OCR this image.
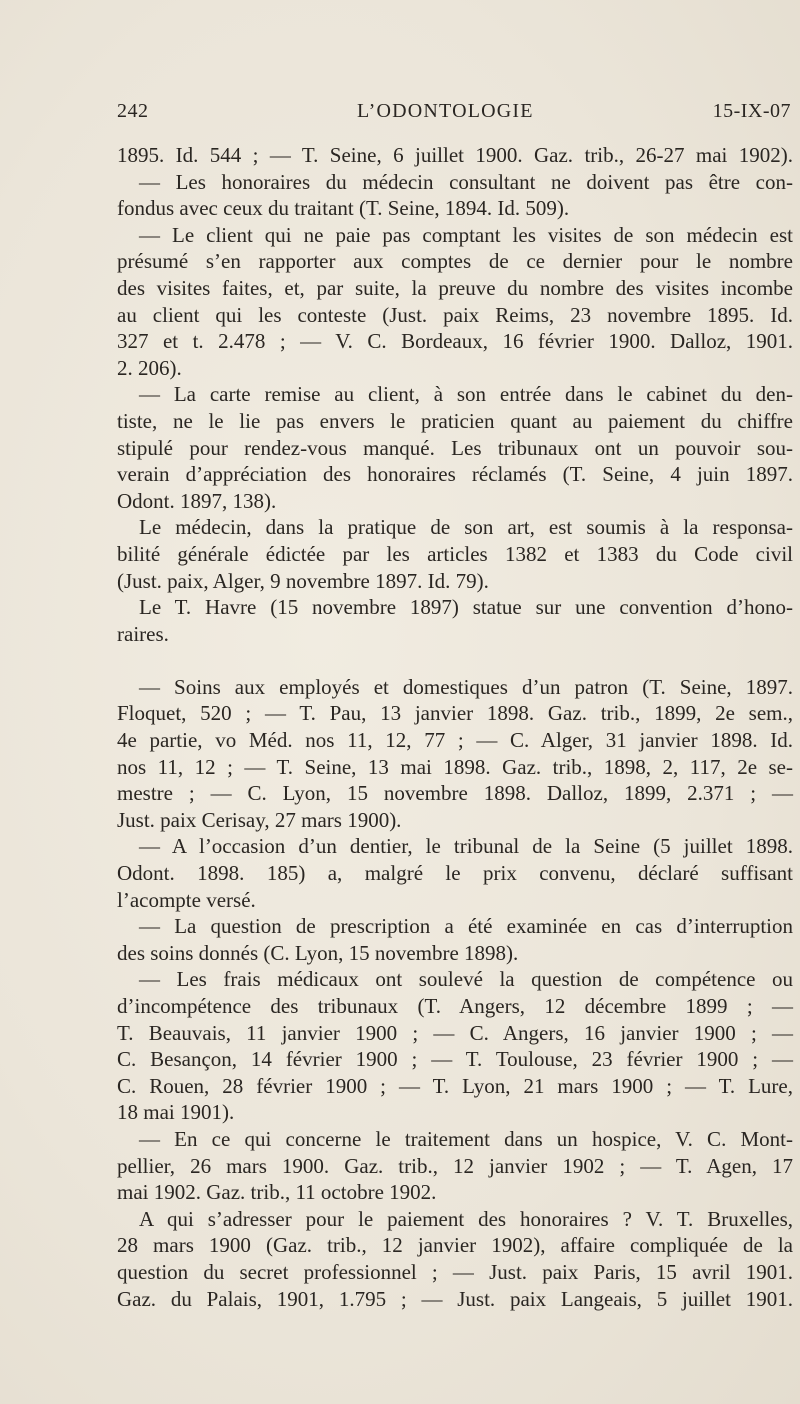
242	L’ODONTOLOGIE	15-IX-07
1895. Id. 544 ; — T. Seine, 6 juillet 1900. Gaz. trib., 26-27 mai 1902).
— Les honoraires du médecin consultant ne doivent pas être con-
fondus avec ceux du traitant (T. Seine, 1894. Id. 509).
— Le client qui ne paie pas comptant les visites de son médecin est
présumé s’en rapporter aux comptes de ce dernier pour le nombre
des visites faites, et, par suite, la preuve du nombre des visites incombe
au client qui les conteste (Just. paix Reims, 23 novembre 1895. Id.
327 et t. 2.478 ; — V. C. Bordeaux, 16 février 1900. Dalloz, 1901.
2. 206).
— La carte remise au client, à son entrée dans le cabinet du den-
tiste, ne le lie pas envers le praticien quant au paiement du chiffre
stipulé pour rendez-vous manqué. Les tribunaux ont un pouvoir sou-
verain d’appréciation des honoraires réclamés (T. Seine, 4 juin 1897.
Odont. 1897, 138).
Le médecin, dans la pratique de son art, est soumis à la responsa-
bilité générale édictée par les articles 1382 et 1383 du Code civil
(Just. paix, Alger, 9 novembre 1897. Id. 79).
Le T. Havre (15 novembre 1897) statue sur une convention d’hono-
raires.
— Soins aux employés et domestiques d’un patron (T. Seine, 1897.
Floquet, 520 ; — T. Pau, 13 janvier 1898. Gaz. trib., 1899, 2e sem.,
4e partie, vo Méd. nos 11, 12, 77 ; — C. Alger, 31 janvier 1898. Id.
nos 11, 12 ; — T. Seine, 13 mai 1898. Gaz. trib., 1898, 2, 117, 2e se-
mestre ; — C. Lyon, 15 novembre 1898. Dalloz, 1899, 2.371 ; —
Just. paix Cerisay, 27 mars 1900).
— A l’occasion d’un dentier, le tribunal de la Seine (5 juillet 1898.
Odont. 1898. 185) a, malgré le prix convenu, déclaré suffisant
l’acompte versé.
— La question de prescription a été examinée en cas d’interruption
des soins donnés (C. Lyon, 15 novembre 1898).
— Les frais médicaux ont soulevé la question de compétence ou
d’incompétence des tribunaux (T. Angers, 12 décembre 1899 ; —
T. Beauvais, 11 janvier 1900 ; — C. Angers, 16 janvier 1900 ; —
C. Besançon, 14 février 1900 ; — T. Toulouse, 23 février 1900 ; —
C. Rouen, 28 février 1900 ; — T. Lyon, 21 mars 1900 ; — T. Lure,
18 mai 1901).
— En ce qui concerne le traitement dans un hospice, V. C. Mont-
pellier, 26 mars 1900. Gaz. trib., 12 janvier 1902 ; — T. Agen, 17
mai 1902. Gaz. trib., 11 octobre 1902.
A qui s’adresser pour le paiement des honoraires ? V. T. Bruxelles,
28 mars 1900 (Gaz. trib., 12 janvier 1902), affaire compliquée de la
question du secret professionnel ; — Just. paix Paris, 15 avril 1901.
Gaz. du Palais, 1901, 1.795 ; — Just. paix Langeais, 5 juillet 1901.
